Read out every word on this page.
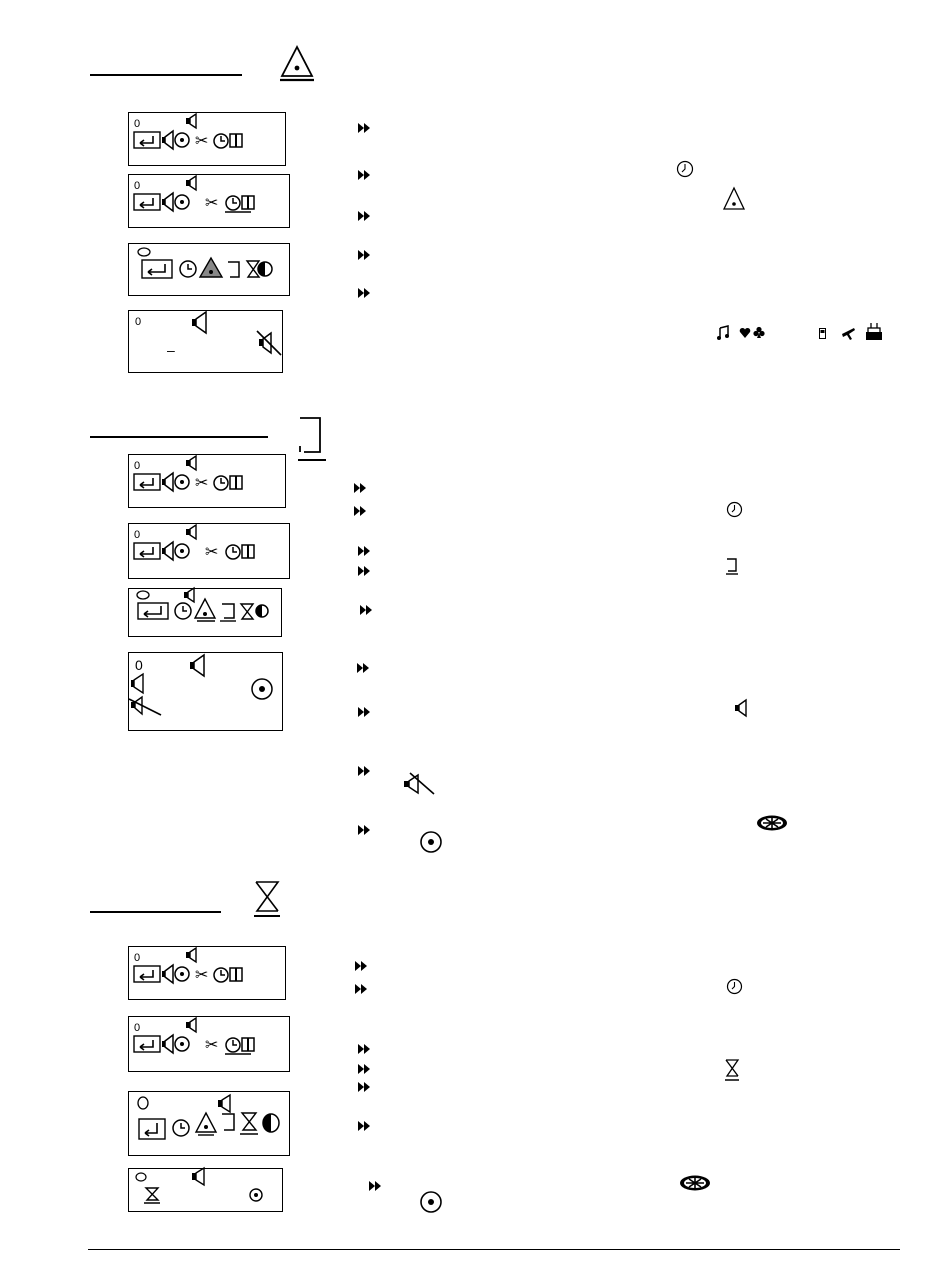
0
✂
0
✂
0
–
0
✂
0
✂
0
0
✂
0
✂
